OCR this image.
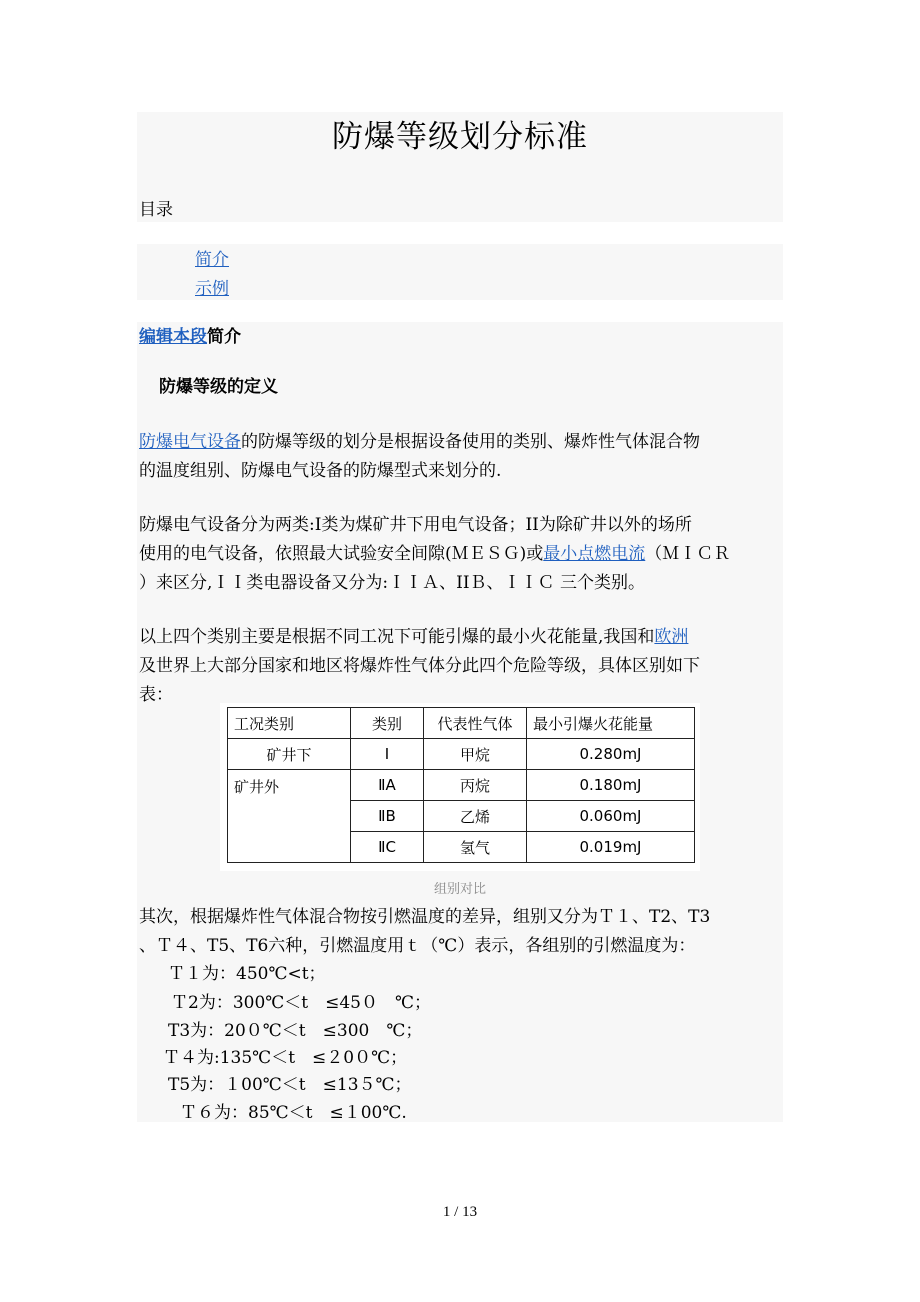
防爆等级划分标准
目录
简介
示例
编辑本段简介
防爆等级的定义
防爆电气设备的防爆等级的划分是根据设备使用的类别、爆炸性气体混合物
的温度组别、防爆电气设备的防爆型式来划分的.
防爆电气设备分为两类:I类为煤矿井下用电气设备；II为除矿井以外的场所
使用的电气设备，依照最大试验安全间隙(ＭＥＳＧ)或最小点燃电流（ＭＩＣＲ
）来区分,ＩＩ类电器设备又分为:ＩＩＡ、IIＢ、ＩＩＣ 三个类别。
以上四个类别主要是根据不同工况下可能引爆的最小火花能量,我国和欧洲
及世界上大部分国家和地区将爆炸性气体分此四个危险等级，具体区别如下
表：
工况类别	类别	代表性气体	最小引爆火花能量
矿井下	I	甲烷	0.280mJ
矿井外	ⅡA	丙烷	0.180mJ
	ⅡB	乙烯	0.060mJ
	ⅡC	氢气	0.019mJ
组别对比
其次，根据爆炸性气体混合物按引燃温度的差异，组别又分为Ｔ１、T2、T3
、Ｔ４、T5、T6六种，引燃温度用ｔ（℃）表示，各组别的引燃温度为：
Ｔ１为：450℃<t；
Ｔ2为：300℃＜t　≤45０　℃；
T3为：20０℃＜t　≤300　℃；
Ｔ４为:135℃＜t　≤２0０℃；
T5为：１00℃＜t　≤13５℃；
Ｔ６为：85℃＜t　≤１00℃.
1 / 13
